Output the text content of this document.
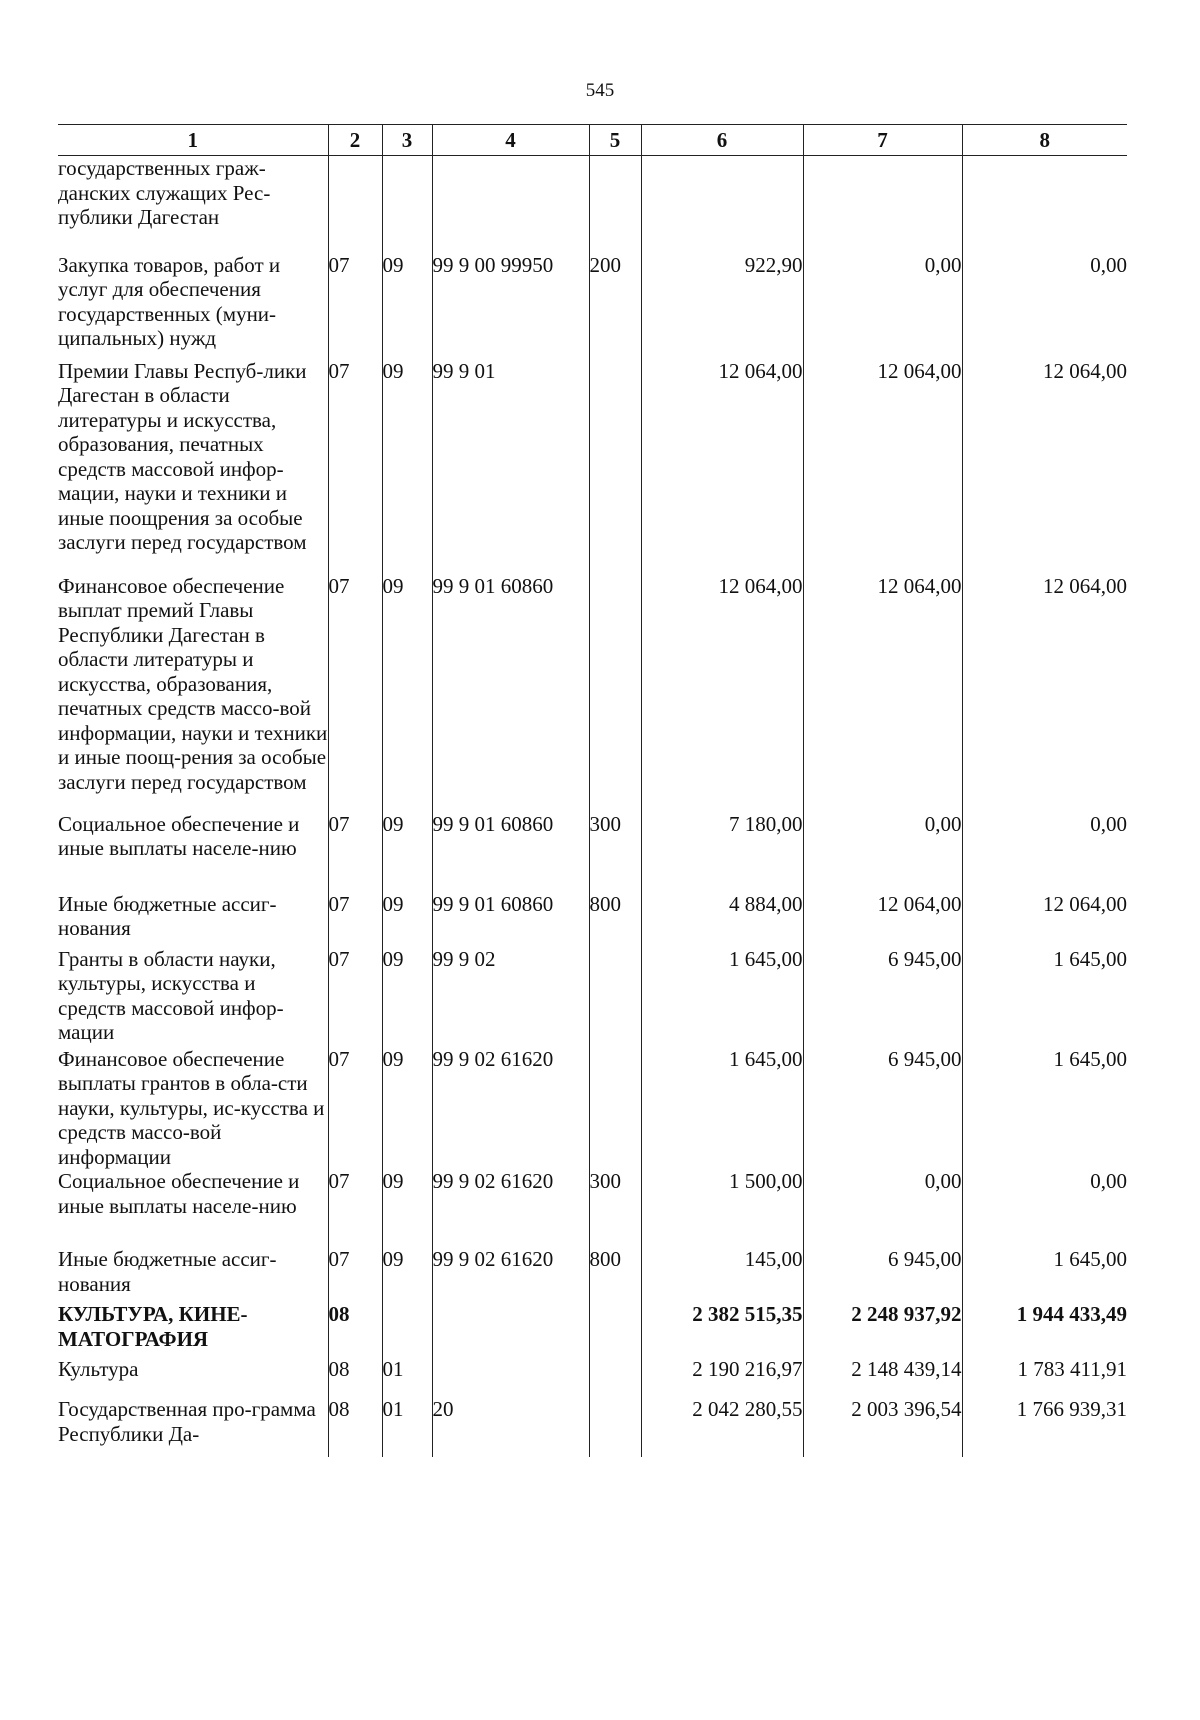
545
1	2	3	4	5	6	7	8
государственных граж-данских служащих Рес-публики Дагестан							
Закупка товаров, работ и услуг для обеспечения государственных (муни-ципальных) нужд	07	09	99 9 00 99950	200	922,90	0,00	0,00
Премии Главы Респуб-лики Дагестан в области литературы и искусства, образования, печатных средств массовой инфор-мации, науки и техники и иные поощрения за особые заслуги перед государством	07	09	99 9 01		12 064,00	12 064,00	12 064,00
Финансовое обеспечение выплат премий Главы Республики Дагестан в области литературы и искусства, образования, печатных средств массо-вой информации, науки и техники и иные поощ-рения за особые заслуги перед государством	07	09	99 9 01 60860		12 064,00	12 064,00	12 064,00
Социальное обеспечение и иные выплаты населе-нию	07	09	99 9 01 60860	300	7 180,00	0,00	0,00
Иные бюджетные ассиг-нования	07	09	99 9 01 60860	800	4 884,00	12 064,00	12 064,00
Гранты в области науки, культуры, искусства и средств массовой инфор-мации	07	09	99 9 02		1 645,00	6 945,00	1 645,00
Финансовое обеспечение выплаты грантов в обла-сти науки, культуры, ис-кусства и средств массо-вой информации	07	09	99 9 02 61620		1 645,00	6 945,00	1 645,00
Социальное обеспечение и иные выплаты населе-нию	07	09	99 9 02 61620	300	1 500,00	0,00	0,00
Иные бюджетные ассиг-нования	07	09	99 9 02 61620	800	145,00	6 945,00	1 645,00
КУЛЬТУРА, КИНЕ-МАТОГРАФИЯ	08				2 382 515,35	2 248 937,92	1 944 433,49
Культура	08	01			2 190 216,97	2 148 439,14	1 783 411,91
Государственная про-грамма Республики Да-	08	01	20		2 042 280,55	2 003 396,54	1 766 939,31
